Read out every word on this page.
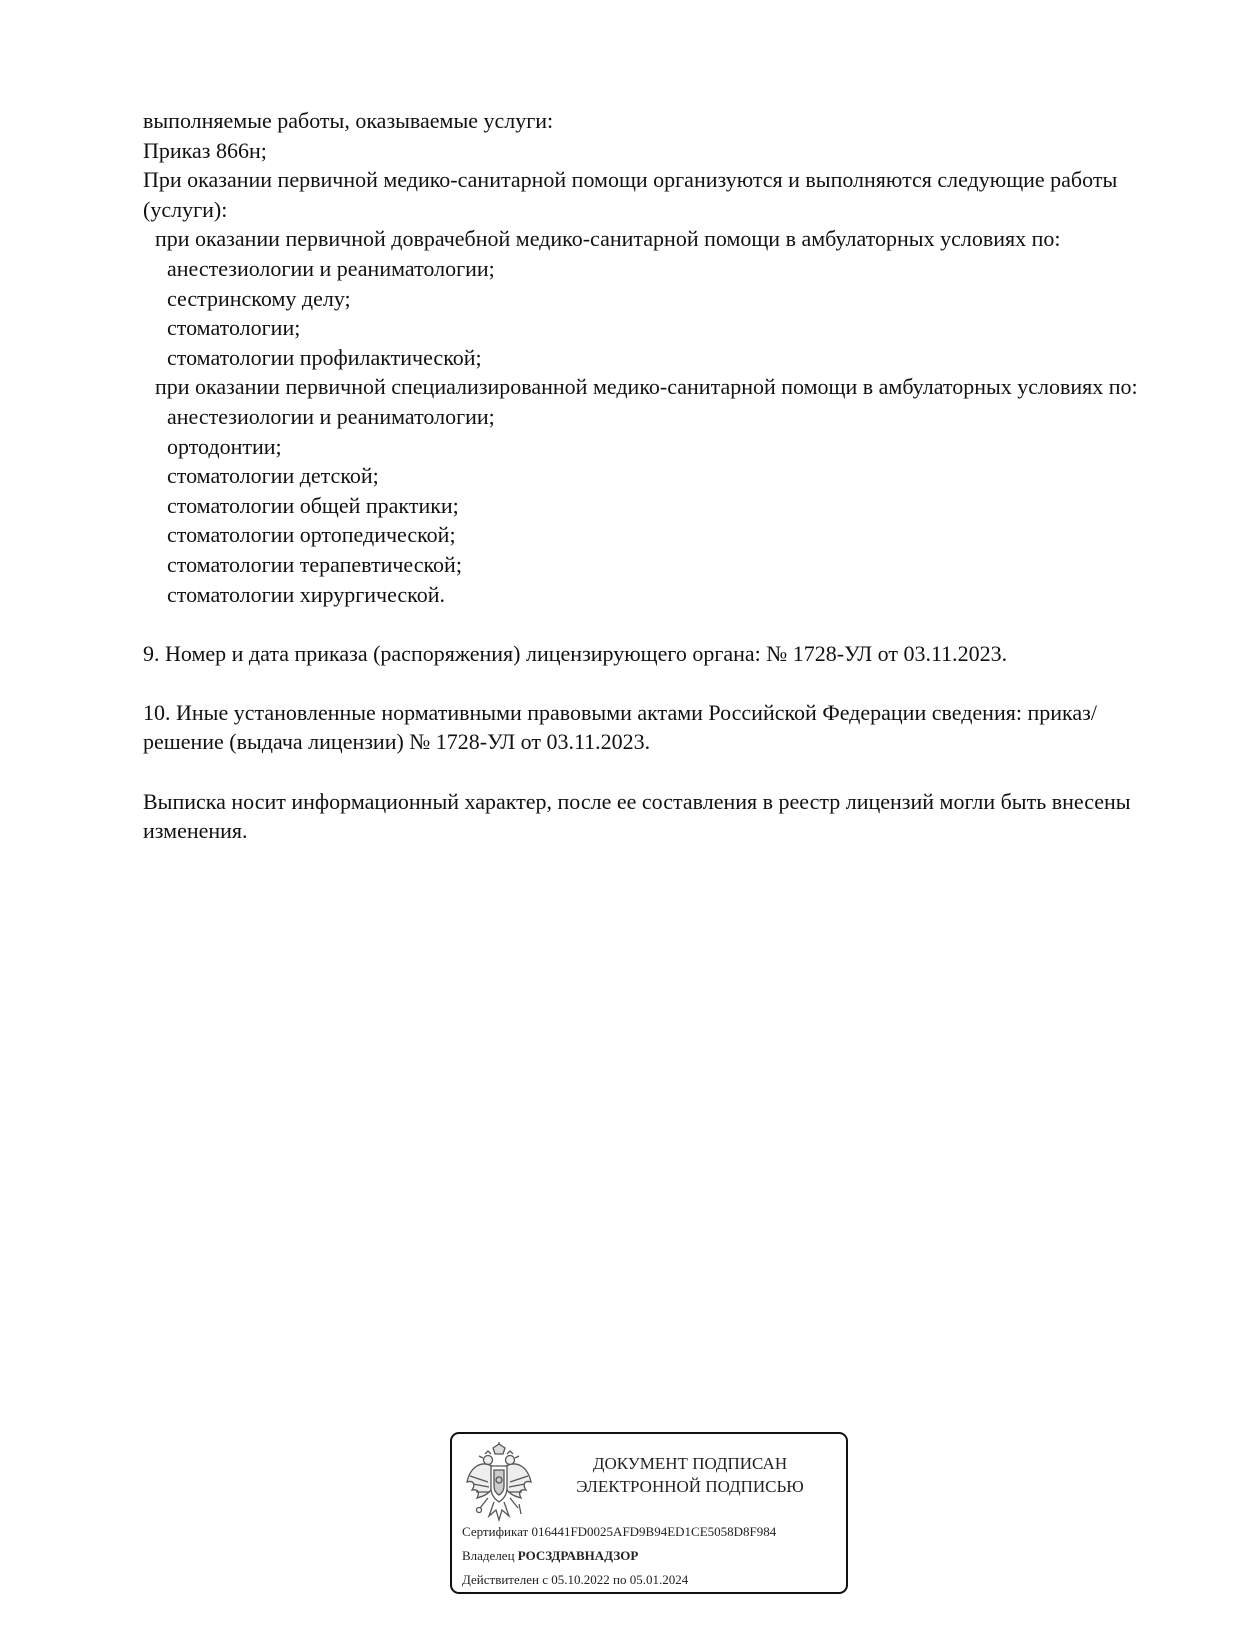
выполняемые работы, оказываемые услуги:
Приказ 866н;
При оказании первичной медико-санитарной помощи организуются и выполняются следующие работы (услуги):
при оказании первичной доврачебной медико-санитарной помощи в амбулаторных условиях по:
анестезиологии и реаниматологии;
сестринскому делу;
стоматологии;
стоматологии профилактической;
при оказании первичной специализированной медико-санитарной помощи в амбулаторных условиях по:
анестезиологии и реаниматологии;
ортодонтии;
стоматологии детской;
стоматологии общей практики;
стоматологии ортопедической;
стоматологии терапевтической;
стоматологии хирургической.
9. Номер и дата приказа (распоряжения) лицензирующего органа: № 1728-УЛ от 03.11.2023.
10. Иные установленные нормативными правовыми актами Российской Федерации сведения: приказ/решение (выдача лицензии) № 1728-УЛ от 03.11.2023.
Выписка носит информационный характер, после ее составления в реестр лицензий могли быть внесены изменения.
ДОКУМЕНТ ПОДПИСАН
ЭЛЕКТРОННОЙ ПОДПИСЬЮ
Сертификат 016441FD0025AFD9B94ED1CE5058D8F984
Владелец РОСЗДРАВНАДЗОР
Действителен с 05.10.2022 по 05.01.2024
